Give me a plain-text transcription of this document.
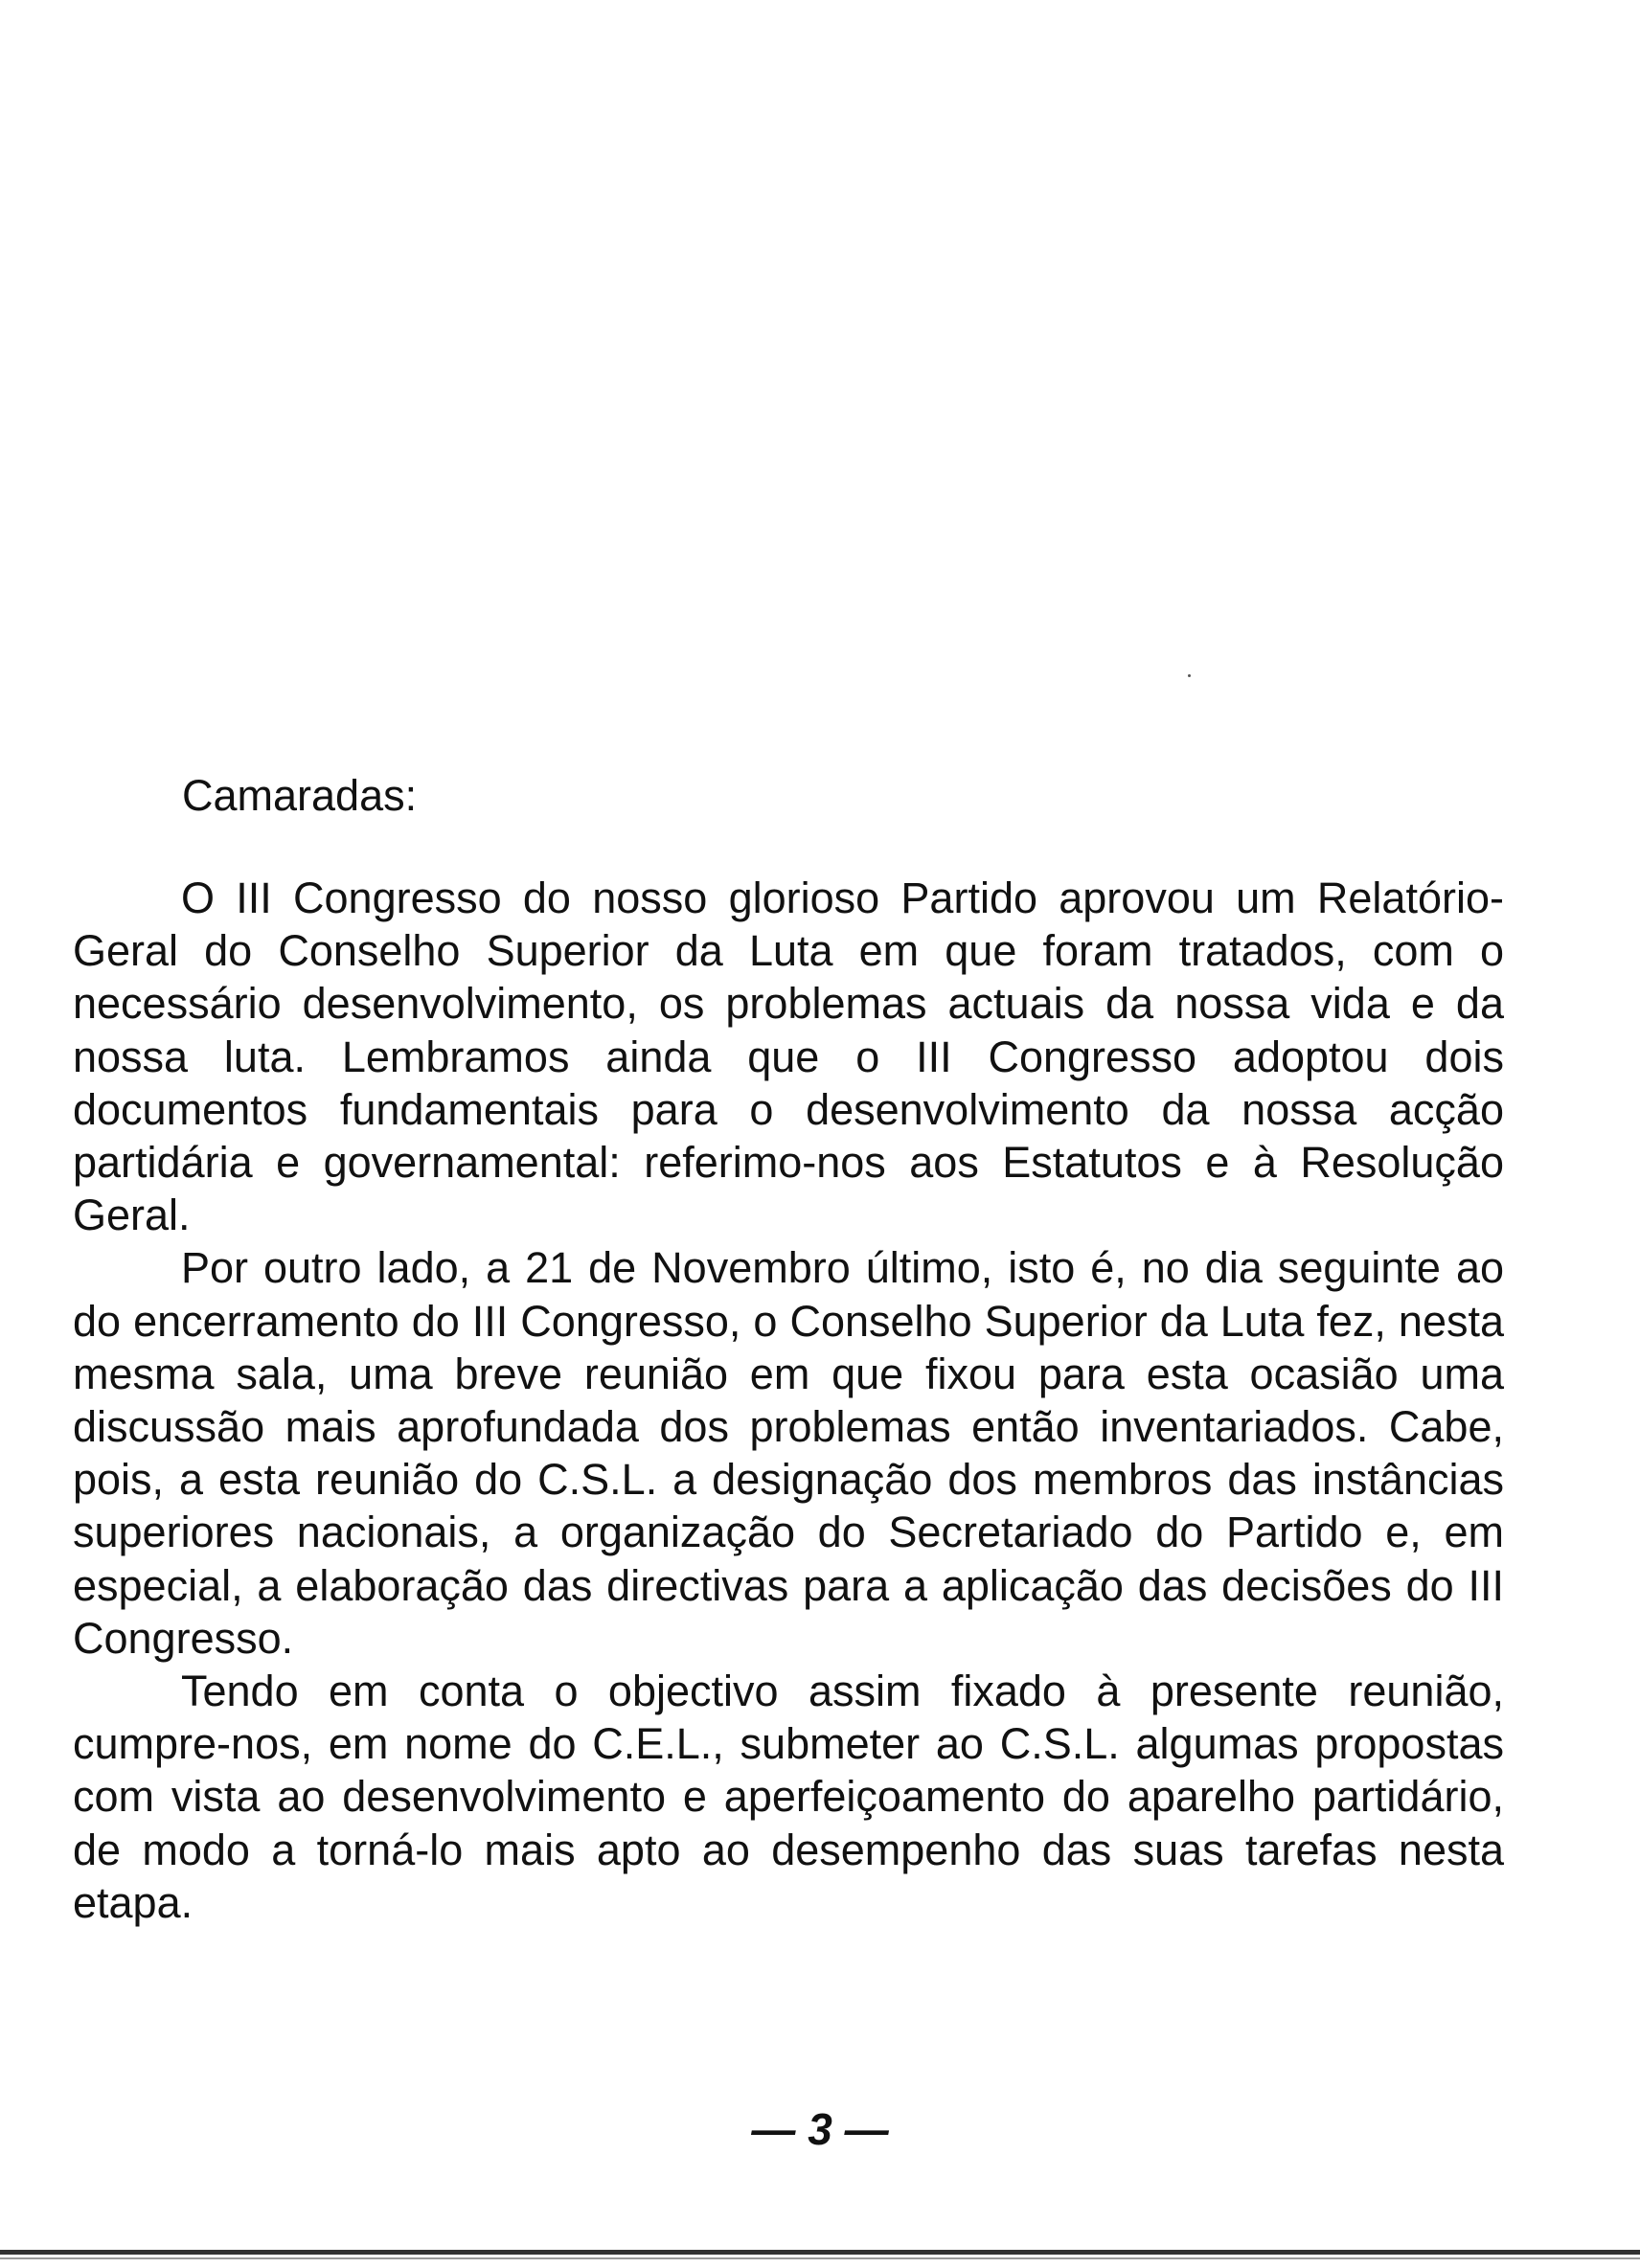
Camaradas:

O III Congresso do nosso glorioso Partido aprovou um Relatório-Geral do Conselho Superior da Luta em que foram tratados, com o necessário desenvolvimento, os problemas actuais da nossa vida e da nossa luta. Lembramos ainda que o III Congresso adoptou dois documentos fundamentais para o desenvolvimento da nossa acção partidária e governamental: referimo-nos aos Estatutos e à Resolução Geral.

Por outro lado, a 21 de Novembro último, isto é, no dia seguinte ao do encerramento do III Congresso, o Conselho Superior da Luta fez, nesta mesma sala, uma breve reunião em que fixou para esta ocasião uma discussão mais aprofundada dos problemas então inventariados. Cabe, pois, a esta reunião do C.S.L. a designação dos membros das instâncias superiores nacionais, a organização do Secretariado do Partido e, em especial, a elaboração das directivas para a aplicação das decisões do III Congresso.

Tendo em conta o objectivo assim fixado à presente reunião, cumpre-nos, em nome do C.E.L., submeter ao C.S.L. algumas propostas com vista ao desenvolvimento e aperfeiçoamento do aparelho partidário, de modo a torná-lo mais apto ao desempenho das suas tarefas nesta etapa.

— 3 —
